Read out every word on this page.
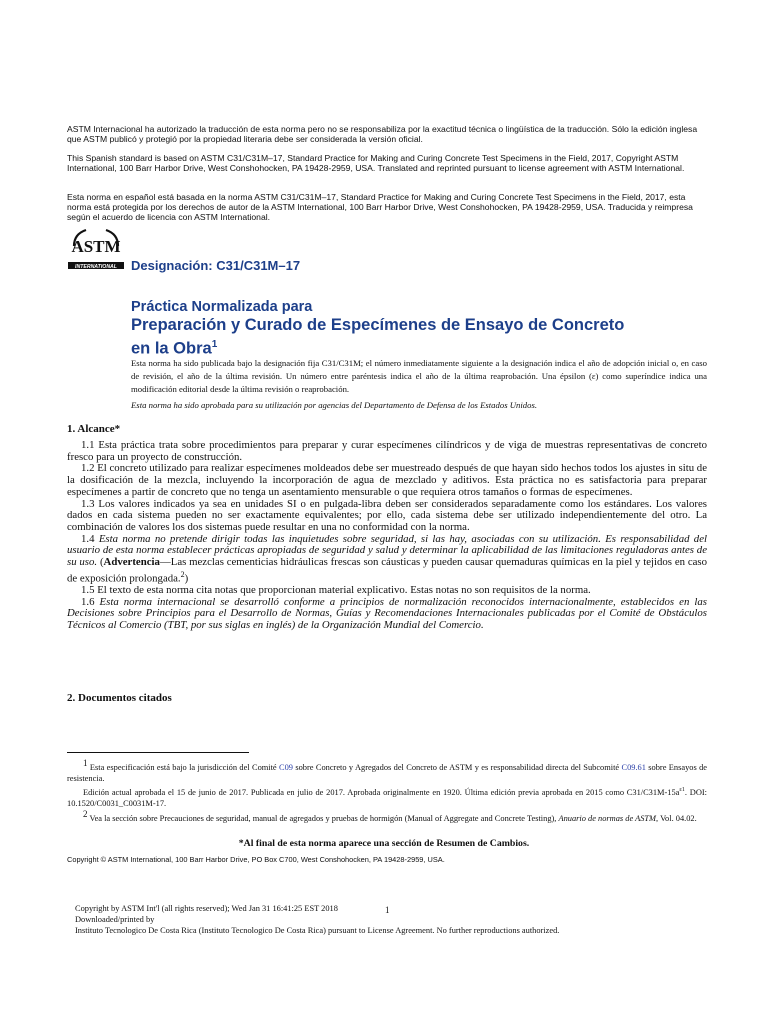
ASTM Internacional ha autorizado la traducción de esta norma pero no se responsabiliza por la exactitud técnica o lingüística de la traducción. Sólo la edición inglesa que ASTM publicó y protegió por la propiedad literaria debe ser considerada la versión oficial.
This Spanish standard is based on ASTM C31/C31M–17, Standard Practice for Making and Curing Concrete Test Specimens in the Field, 2017, Copyright ASTM International, 100 Barr Harbor Drive, West Conshohocken, PA 19428-2959, USA. Translated and reprinted pursuant to license agreement with ASTM International.
Esta norma en español está basada en la norma ASTM C31/C31M–17, Standard Practice for Making and Curing Concrete Test Specimens in the Field, 2017, esta norma está protegida por los derechos de autor de la ASTM International, 100 Barr Harbor Drive, West Conshohocken, PA 19428-2959, USA. Traducida y reimpresa según el acuerdo de licencia con ASTM International.
ASTM
INTERNATIONAL Designación: C31/C31M–17
Práctica Normalizada para
Preparación y Curado de Especímenes de Ensayo de Concreto
en la Obra$^1$
Esta norma ha sido publicada bajo la designación fija C31/C31M; el número inmediatamente siguiente a la designación indica el año de adopción inicial o, en caso de revisión, el año de la última revisión. Un número entre paréntesis indica el año de la última reaprobación. Una épsilon (ε) como superíndice indica una modificación editorial desde la última revisión o reaprobación.
Esta norma ha sido aprobada para su utilización por agencias del Departamento de Defensa de los Estados Unidos.
1. Alcance*

1.1 Esta práctica trata sobre procedimientos para preparar y curar especímenes cilíndricos y de viga de muestras representativas de concreto fresco para un proyecto de construcción.

1.2 El concreto utilizado para realizar especímenes moldeados debe ser muestreado después de que hayan sido hechos todos los ajustes in situ de la dosificación de la mezcla, incluyendo la incorporación de agua de mezclado y aditivos. Esta práctica no es satisfactoria para preparar especímenes a partir de concreto que no tenga un asentamiento mensurable o que requiera otros tamaños o formas de especímenes.

1.3 Los valores indicados ya sea en unidades SI o en pulgada-libra deben ser considerados separadamente como los estándares. Los valores dados en cada sistema pueden no ser exactamente equivalentes; por ello, cada sistema debe ser utilizado independientemente del otro. La combinación de valores los dos sistemas puede resultar en una no conformidad con la norma.

1.4 Esta norma no pretende dirigir todas las inquietudes sobre seguridad, si las hay, asociadas con su utilización. Es responsabilidad del usuario de esta norma establecer prácticas apropiadas de seguridad y salud y determinar la aplicabilidad de las limitaciones reguladoras antes de su uso. (Advertencia—Las mezclas cementicias hidráulicas frescas son cáusticas y pueden causar quemaduras químicas en la piel y tejidos en caso de exposición prolongada.$^2$)

1.5 El texto de esta norma cita notas que proporcionan material explicativo. Estas notas no son requisitos de la norma.

1.6 Esta norma internacional se desarrolló conforme a principios de normalización reconocidos internacionalmente, establecidos en las Decisiones sobre Principios para el Desarrollo de Normas, Guías y Recomendaciones Internacionales publicadas por el Comité de Obstáculos Técnicos al Comercio (TBT, por sus siglas en inglés) de la Organización Mundial del Comercio.

2. Documentos citados

$^1$ Esta especificación está bajo la jurisdicción del Comité C09 sobre Concreto y Agregados del Concreto de ASTM y es responsabilidad directa del Subcomité C09.61 sobre Ensayos de resistencia.

Edición actual aprobada el 15 de junio de 2017. Publicada en julio de 2017. Aprobada originalmente en 1920. Última edición previa aprobada en 2015 como $C31/C31M-15a^{\varepsilon 1}$. DOI: 10.1520/C0031_C0031M-17.

$^2$ Vea la sección sobre Precauciones de seguridad, manual de agregados y pruebas de hormigón (Manual of Aggregate and Concrete Testing), Anuario de normas de ASTM, Vol. 04.02.

*Al final de esta norma aparece una sección de Resumen de Cambios.
Copyright © ASTM International, 100 Barr Harbor Drive, PO Box C700, West Conshohocken, PA 19428-2959, USA.
Copyright by ASTM Int'l (all rights reserved); Wed Jan 31 16:41:25 EST 2018
Downloaded/printed by
Instituto Tecnologico De Costa Rica (Instituto Tecnologico De Costa Rica) pursuant to License Agreement. No further reproductions authorized.
1
